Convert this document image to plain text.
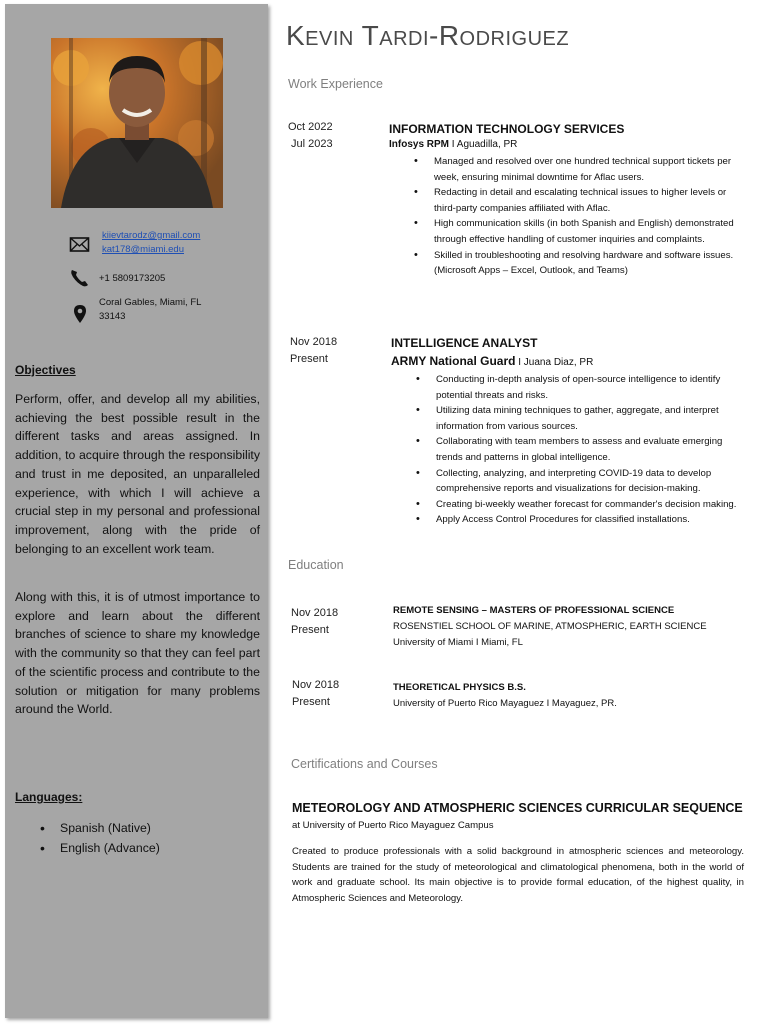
kiievtarodz@gmail.com
kat178@miami.edu
+1 5809173205
Coral Gables, Miami, FL
33143
Objectives
Perform, offer, and develop all my abilities, achieving the best possible result in the different tasks and areas assigned. In addition, to acquire through the responsibility and trust in me deposited, an unparalleled experience, with which I will achieve a crucial step in my personal and professional improvement, along with the pride of belonging to an excellent work team.
Along with this, it is of utmost importance to explore and learn about the different branches of science to share my knowledge with the community so that they can feel part of the scientific process and contribute to the solution or mitigation for many problems around the World.
Languages:
• Spanish (Native)
• English (Advance)
Kevin Tardi-Rodriguez
Work Experience
Oct 2022
Jul 2023
INFORMATION TECHNOLOGY SERVICES
Infosys RPM I Aguadilla, PR
• Managed and resolved over one hundred technical support tickets per week, ensuring minimal downtime for Aflac users.
• Redacting in detail and escalating technical issues to higher levels or third-party companies affiliated with Aflac.
• High communication skills (in both Spanish and English) demonstrated through effective handling of customer inquiries and complaints.
• Skilled in troubleshooting and resolving hardware and software issues. (Microsoft Apps – Excel, Outlook, and Teams)
Nov 2018
Present
INTELLIGENCE ANALYST
ARMY National Guard I Juana Diaz, PR
• Conducting in-depth analysis of open-source intelligence to identify potential threats and risks.
• Utilizing data mining techniques to gather, aggregate, and interpret information from various sources.
• Collaborating with team members to assess and evaluate emerging trends and patterns in global intelligence.
• Collecting, analyzing, and interpreting COVID-19 data to develop comprehensive reports and visualizations for decision-making.
• Creating bi-weekly weather forecast for commander's decision making.
• Apply Access Control Procedures for classified installations.
Education
Nov 2018
Present
REMOTE SENSING – MASTERS OF PROFESSIONAL SCIENCE
ROSENSTIEL SCHOOL OF MARINE, ATMOSPHERIC, EARTH SCIENCE
University of Miami I Miami, FL
Nov 2018
Present
THEORETICAL PHYSICS B.S.
University of Puerto Rico Mayaguez I Mayaguez, PR.
Certifications and Courses
METEOROLOGY AND ATMOSPHERIC SCIENCES CURRICULAR SEQUENCE
at University of Puerto Rico Mayaguez Campus
Created to produce professionals with a solid background in atmospheric sciences and meteorology. Students are trained for the study of meteorological and climatological phenomena, both in the world of work and graduate school. Its main objective is to provide formal education, of the highest quality, in Atmospheric Sciences and Meteorology.
